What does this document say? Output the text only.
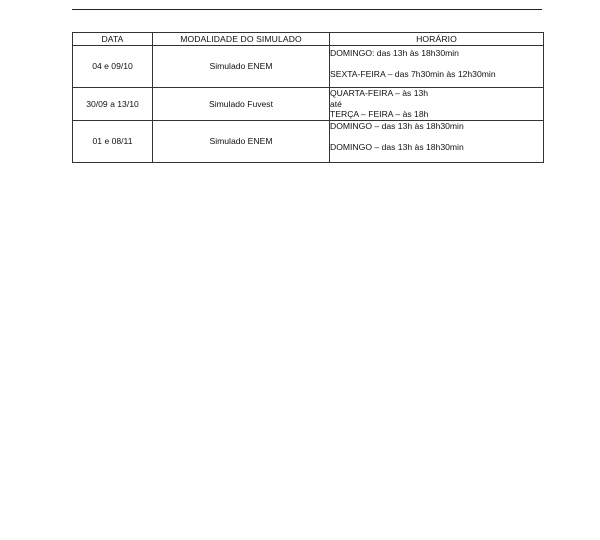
DATA	MODALIDADE DO SIMULADO	HORÁRIO
04 e 09/10	Simulado ENEM	DOMINGO: das 13h às 18h30min
SEXTA-FEIRA – das 7h30min às 12h30min

30/09 a 13/10	Simulado Fuvest	QUARTA-FEIRA – às 13h
até
TERÇA – FEIRA – às 18h

01 e 08/11	Simulado ENEM	DOMINGO – das 13h às 18h30min
DOMINGO – das 13h às 18h30min
